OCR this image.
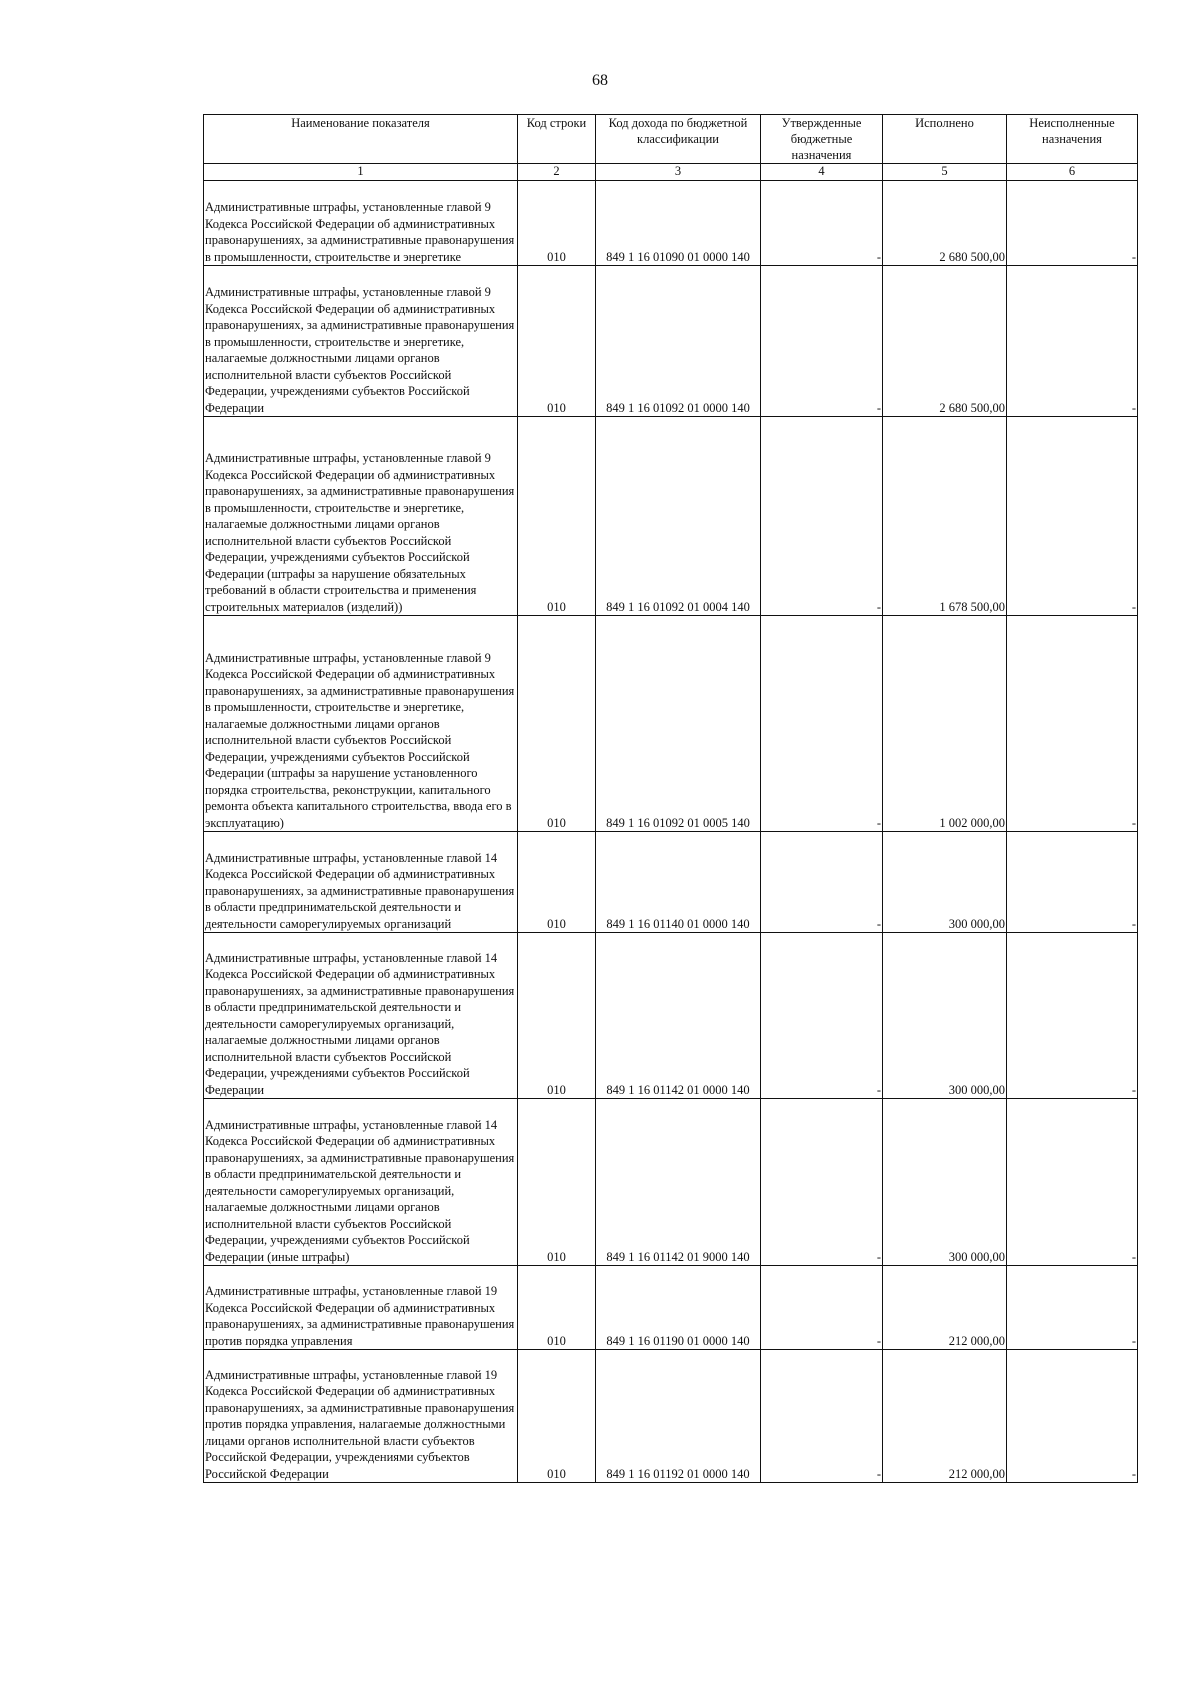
68
Наименование показателя	Код строки	Код дохода по бюджетной классификации	Утвержденные бюджетные назначения	Исполнено	Неисполненные назначения
1	2	3	4	5	6
Административные штрафы, установленные главой 9 Кодекса Российской Федерации об административных правонарушениях, за административные правонарушения в промышленности, строительстве и энергетике	010	849 1 16 01090 01 0000 140	-	2 680 500,00	-
Административные штрафы, установленные главой 9 Кодекса Российской Федерации об административных правонарушениях, за административные правонарушения в промышленности, строительстве и энергетике, налагаемые должностными лицами органов исполнительной власти субъектов Российской Федерации, учреждениями субъектов Российской Федерации	010	849 1 16 01092 01 0000 140	-	2 680 500,00	-
Административные штрафы, установленные главой 9 Кодекса Российской Федерации об административных правонарушениях, за административные правонарушения в промышленности, строительстве и энергетике, налагаемые должностными лицами органов исполнительной власти субъектов Российской Федерации, учреждениями субъектов Российской Федерации (штрафы за нарушение обязательных требований в области строительства и применения строительных материалов (изделий))	010	849 1 16 01092 01 0004 140	-	1 678 500,00	-
Административные штрафы, установленные главой 9 Кодекса Российской Федерации об административных правонарушениях, за административные правонарушения в промышленности, строительстве и энергетике, налагаемые должностными лицами органов исполнительной власти субъектов Российской Федерации, учреждениями субъектов Российской Федерации (штрафы за нарушение установленного порядка строительства, реконструкции, капитального ремонта объекта капитального строительства, ввода его в эксплуатацию)	010	849 1 16 01092 01 0005 140	-	1 002 000,00	-
Административные штрафы, установленные главой 14 Кодекса Российской Федерации об административных правонарушениях, за административные правонарушения в области предпринимательской деятельности и деятельности саморегулируемых организаций	010	849 1 16 01140 01 0000 140	-	300 000,00	-
Административные штрафы, установленные главой 14 Кодекса Российской Федерации об административных правонарушениях, за административные правонарушения в области предпринимательской деятельности и деятельности саморегулируемых организаций, налагаемые должностными лицами органов исполнительной власти субъектов Российской Федерации, учреждениями субъектов Российской Федерации	010	849 1 16 01142 01 0000 140	-	300 000,00	-
Административные штрафы, установленные главой 14 Кодекса Российской Федерации об административных правонарушениях, за административные правонарушения в области предпринимательской деятельности и деятельности саморегулируемых организаций, налагаемые должностными лицами органов исполнительной власти субъектов Российской Федерации, учреждениями субъектов Российской Федерации (иные штрафы)	010	849 1 16 01142 01 9000 140	-	300 000,00	-
Административные штрафы, установленные главой 19 Кодекса Российской Федерации об административных правонарушениях, за административные правонарушения против порядка управления	010	849 1 16 01190 01 0000 140	-	212 000,00	-
Административные штрафы, установленные главой 19 Кодекса Российской Федерации об административных правонарушениях, за административные правонарушения против порядка управления, налагаемые должностными лицами органов исполнительной власти субъектов Российской Федерации, учреждениями субъектов Российской Федерации	010	849 1 16 01192 01 0000 140	-	212 000,00	-
